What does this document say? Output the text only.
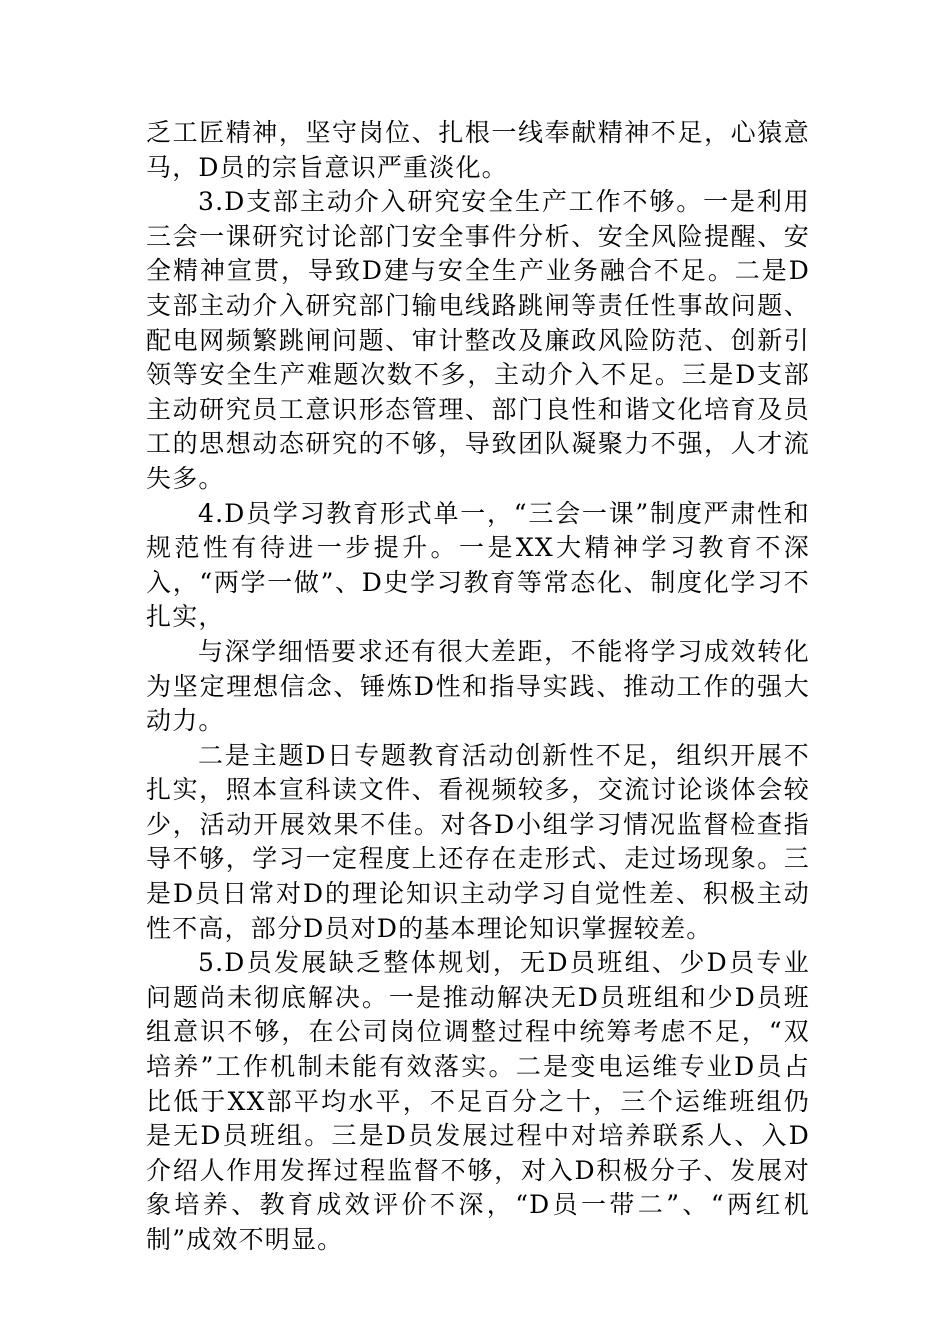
乏工匠精神，坚守岗位、扎根一线奉献精神不足，心猿意马，D员的宗旨意识严重淡化。

3.D支部主动介入研究安全生产工作不够。一是利用三会一课研究讨论部门安全事件分析、安全风险提醒、安全精神宣贯，导致D建与安全生产业务融合不足。二是D支部主动介入研究部门输电线路跳闸等责任性事故问题、配电网频繁跳闸问题、审计整改及廉政风险防范、创新引领等安全生产难题次数不多，主动介入不足。三是D支部主动研究员工意识形态管理、部门良性和谐文化培育及员工的思想动态研究的不够，导致团队凝聚力不强，人才流失多。

4.D员学习教育形式单一，“三会一课”制度严肃性和规范性有待进一步提升。一是XX大精神学习教育不深入，“两学一做”、D史学习教育等常态化、制度化学习不扎实，

与深学细悟要求还有很大差距，不能将学习成效转化为坚定理想信念、锤炼D性和指导实践、推动工作的强大动力。

二是主题D日专题教育活动创新性不足，组织开展不扎实，照本宣科读文件、看视频较多，交流讨论谈体会较少，活动开展效果不佳。对各D小组学习情况监督检查指导不够，学习一定程度上还存在走形式、走过场现象。三是D员日常对D的理论知识主动学习自觉性差、积极主动性不高，部分D员对D的基本理论知识掌握较差。

5.D员发展缺乏整体规划，无D员班组、少D员专业问题尚未彻底解决。一是推动解决无D员班组和少D员班组意识不够，在公司岗位调整过程中统筹考虑不足，“双培养”工作机制未能有效落实。二是变电运维专业D员占比低于XX部平均水平，不足百分之十，三个运维班组仍是无D员班组。三是D员发展过程中对培养联系人、入D介绍人作用发挥过程监督不够，对入D积极分子、发展对象培养、教育成效评价不深，“D员一带二”、“两红机制”成效不明显。
